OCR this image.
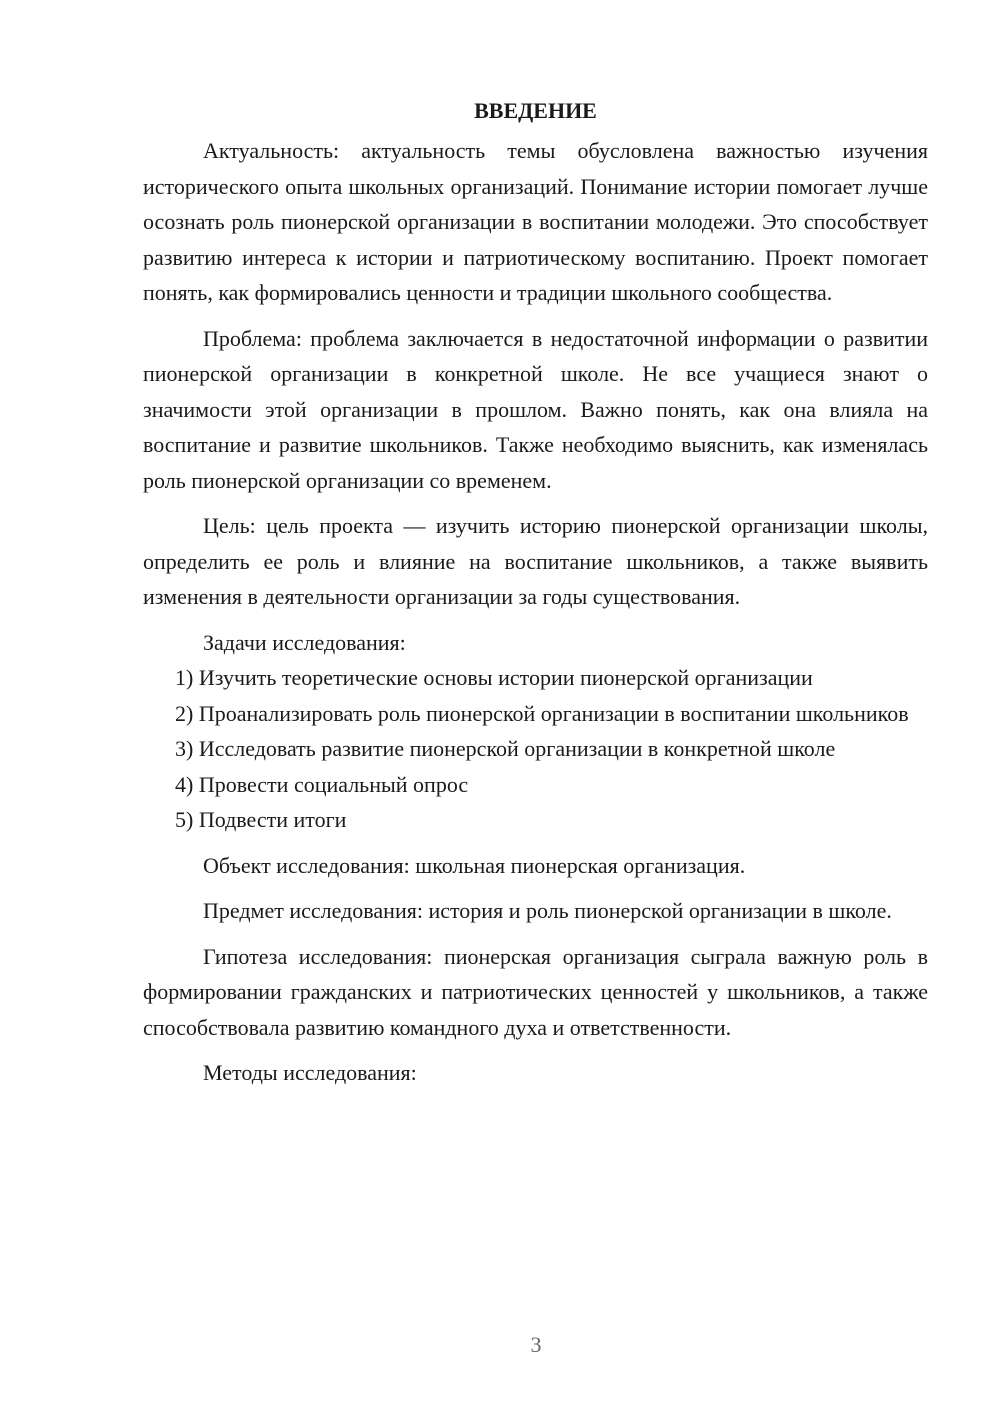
ВВЕДЕНИЕ

Актуальность: актуальность темы обусловлена важностью изучения исторического опыта школьных организаций. Понимание истории помогает лучше осознать роль пионерской организации в воспитании молодежи. Это способствует развитию интереса к истории и патриотическому воспитанию. Проект помогает понять, как формировались ценности и традиции школьного сообщества.

Проблема: проблема заключается в недостаточной информации о развитии пионерской организации в конкретной школе. Не все учащиеся знают о значимости этой организации в прошлом. Важно понять, как она влияла на воспитание и развитие школьников. Также необходимо выяснить, как изменялась роль пионерской организации со временем.

Цель: цель проекта — изучить историю пионерской организации школы, определить ее роль и влияние на воспитание школьников, а также выявить изменения в деятельности организации за годы существования.

Задачи исследования:

1) Изучить теоретические основы истории пионерской организации

2) Проанализировать роль пионерской организации в воспитании школьников

3) Исследовать развитие пионерской организации в конкретной школе

4) Провести социальный опрос

5) Подвести итоги

Объект исследования: школьная пионерская организация.

Предмет исследования: история и роль пионерской организации в школе.

Гипотеза исследования: пионерская организация сыграла важную роль в формировании гражданских и патриотических ценностей у школьников, а также способствовала развитию командного духа и ответственности.

Методы исследования:

3
